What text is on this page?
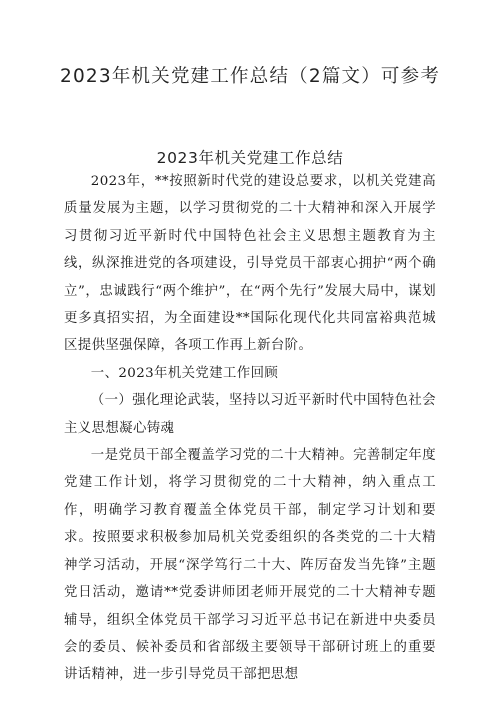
2023年机关党建工作总结（2篇文）可参考
2023年机关党建工作总结

2023年，**按照新时代党的建设总要求，以机关党建高质量发展为主题，以学习贯彻党的二十大精神和深入开展学习贯彻习近平新时代中国特色社会主义思想主题教育为主线，纵深推进党的各项建设，引导党员干部衷心拥护“两个确立”，忠诚践行“两个维护”，在“两个先行”发展大局中，谋划更多真招实招，为全面建设**国际化现代化共同富裕典范城区提供坚强保障，各项工作再上新台阶。

一、2023年机关党建工作回顾

（一）强化理论武装，坚持以习近平新时代中国特色社会主义思想凝心铸魂

一是党员干部全覆盖学习党的二十大精神。完善制定年度党建工作计划，将学习贯彻党的二十大精神，纳入重点工作，明确学习教育覆盖全体党员干部，制定学习计划和要求。按照要求积极参加局机关党委组织的各类党的二十大精神学习活动，开展“深学笃行二十大、阵厉奋发当先锋”主题党日活动，邀请**党委讲师团老师开展党的二十大精神专题辅导，组织全体党员干部学习习近平总书记在新进中央委员会的委员、候补委员和省部级主要领导干部研讨班上的重要讲话精神，进一步引导党员干部把思想
